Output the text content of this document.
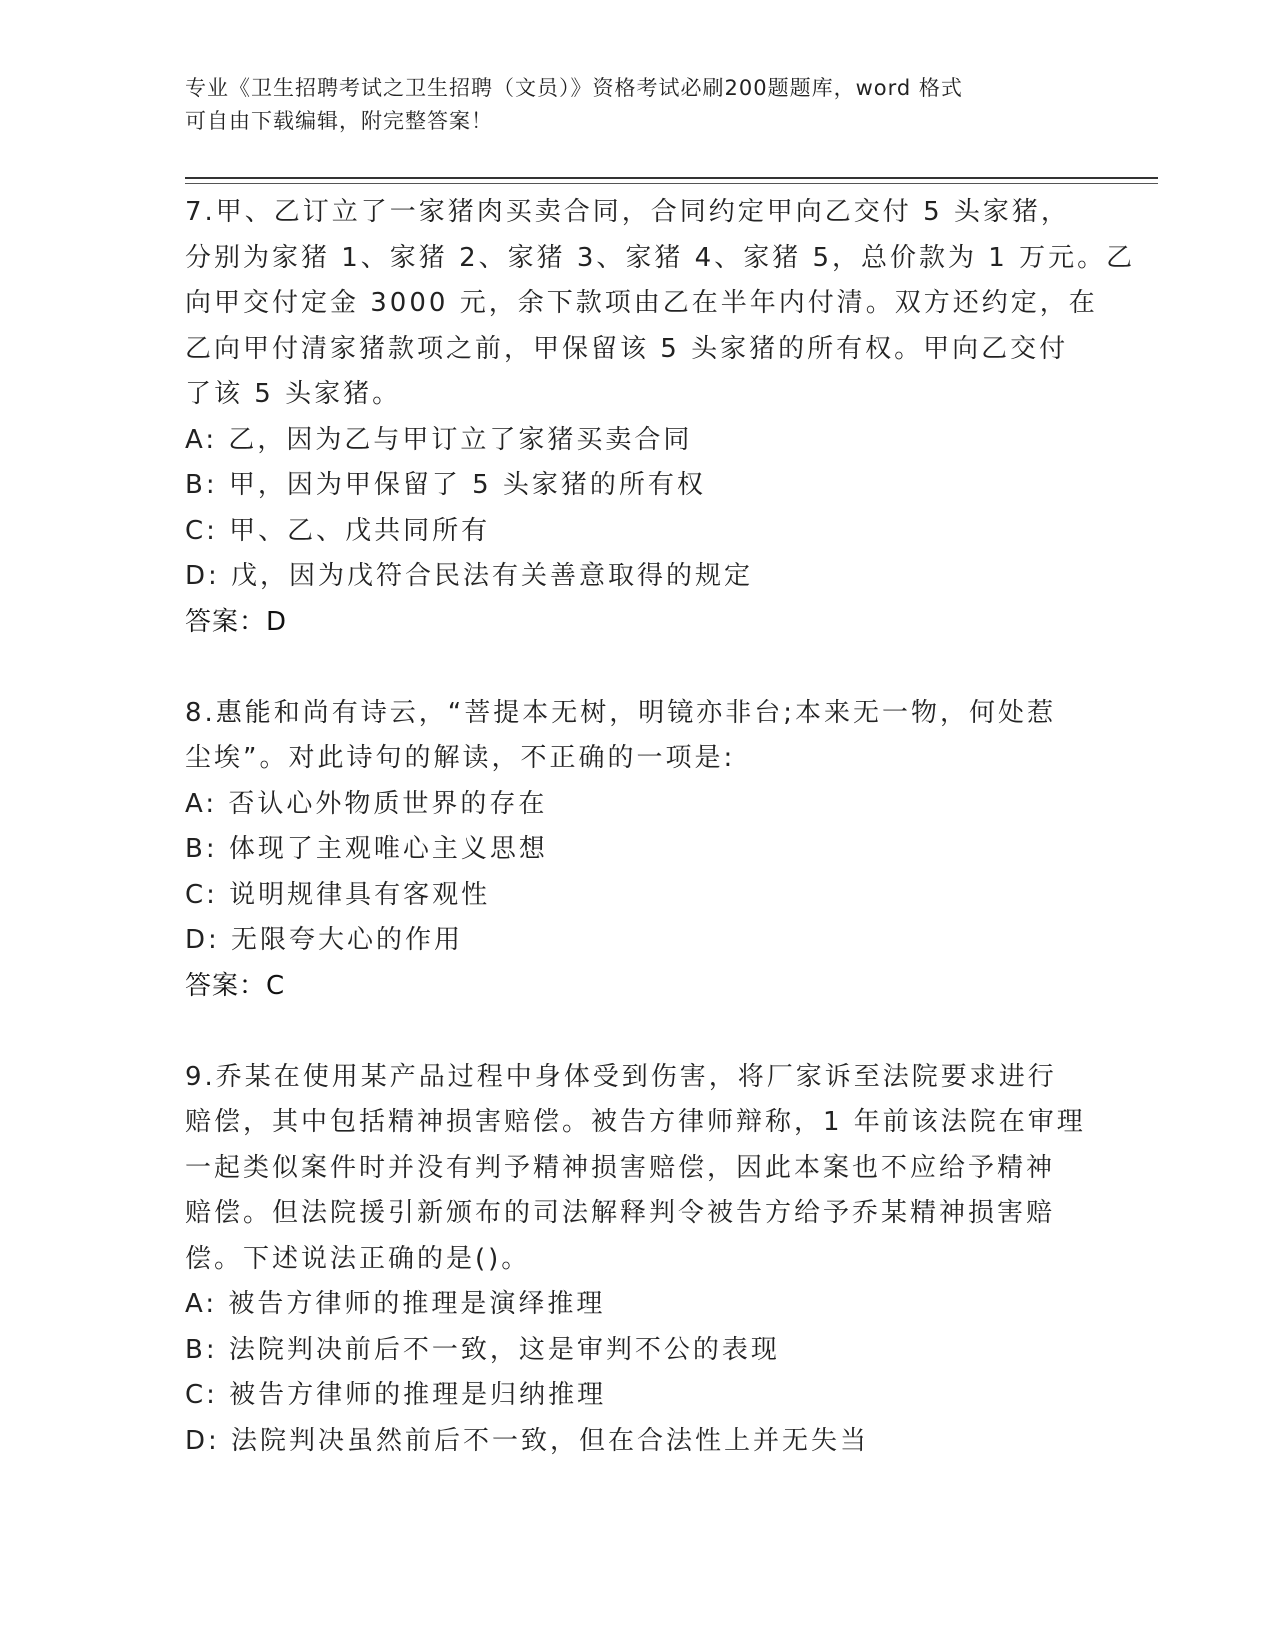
专业《卫生招聘考试之卫生招聘（文员）》资格考试必刷200题题库，word 格式
可自由下载编辑，附完整答案！
7.甲、乙订立了一家猪肉买卖合同，合同约定甲向乙交付 5 头家猪，
分别为家猪 1、家猪 2、家猪 3、家猪 4、家猪 5，总价款为 1 万元。乙
向甲交付定金 3000 元，余下款项由乙在半年内付清。双方还约定，在
乙向甲付清家猪款项之前，甲保留该 5 头家猪的所有权。甲向乙交付
了该 5 头家猪。
A: 乙，因为乙与甲订立了家猪买卖合同
B: 甲，因为甲保留了 5 头家猪的所有权
C: 甲、乙、戊共同所有
D: 戊，因为戊符合民法有关善意取得的规定
答案：D
8.惠能和尚有诗云，“菩提本无树，明镜亦非台;本来无一物，何处惹
尘埃”。对此诗句的解读，不正确的一项是:
A: 否认心外物质世界的存在
B: 体现了主观唯心主义思想
C: 说明规律具有客观性
D: 无限夸大心的作用
答案：C
9.乔某在使用某产品过程中身体受到伤害，将厂家诉至法院要求进行
赔偿，其中包括精神损害赔偿。被告方律师辩称，1 年前该法院在审理
一起类似案件时并没有判予精神损害赔偿，因此本案也不应给予精神
赔偿。但法院援引新颁布的司法解释判令被告方给予乔某精神损害赔
偿。下述说法正确的是()。
A: 被告方律师的推理是演绎推理
B: 法院判决前后不一致，这是审判不公的表现
C: 被告方律师的推理是归纳推理
D: 法院判决虽然前后不一致，但在合法性上并无失当
